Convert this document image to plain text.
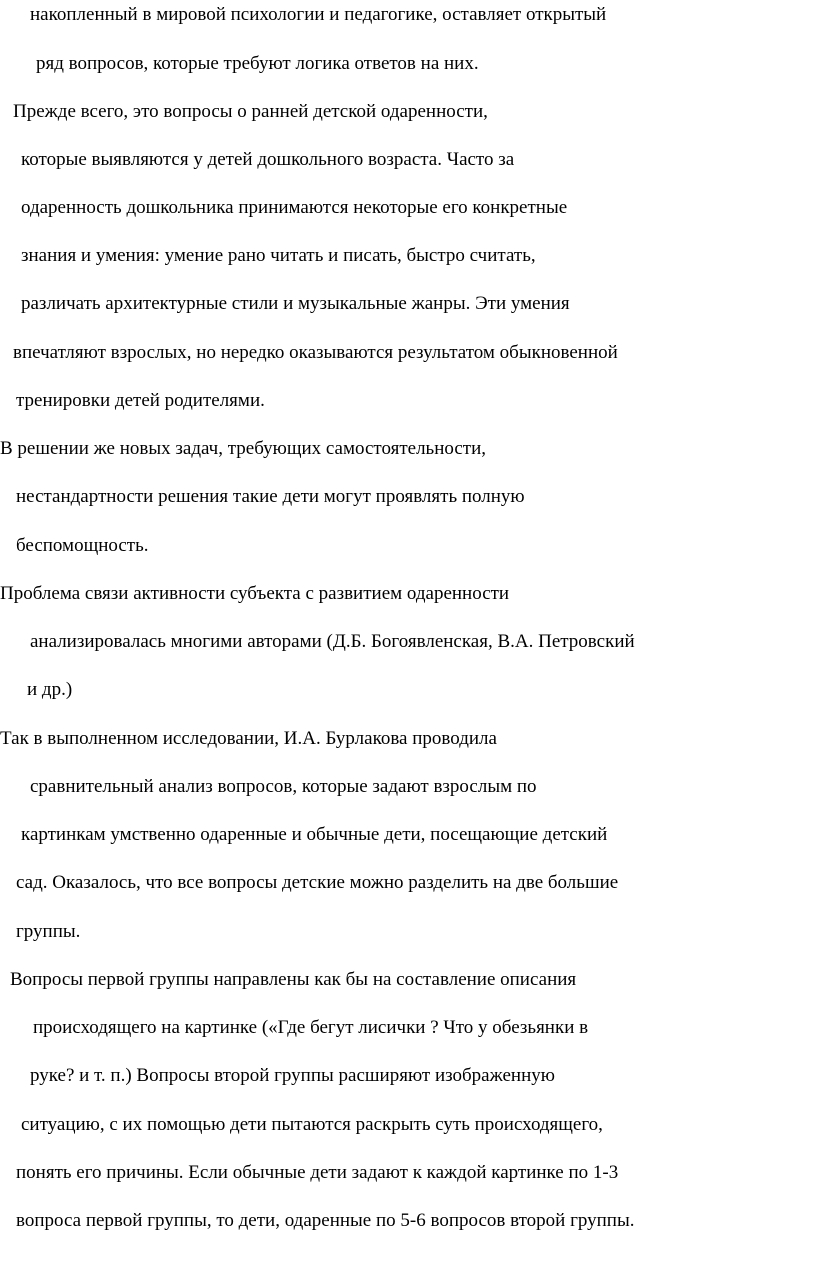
накопленный в мировой психологии и педагогике, оставляет открытый
ряд вопросов, которые требуют логика ответов на них.
Прежде всего, это вопросы о ранней детской одаренности,
которые выявляются у детей дошкольного возраста. Часто за
одаренность дошкольника принимаются некоторые его конкретные
знания и умения: умение рано читать и писать, быстро считать,
различать архитектурные стили и музыкальные жанры. Эти умения
впечатляют взрослых, но нередко оказываются результатом обыкновенной
тренировки детей родителями.
В решении же новых задач, требующих самостоятельности,
нестандартности решения такие дети могут проявлять полную
беспомощность.
Проблема связи активности субъекта с развитием одаренности
анализировалась многими авторами (Д.Б. Богоявленская, В.А. Петровский
и др.)
Так в выполненном исследовании, И.А. Бурлакова проводила
сравнительный анализ вопросов, которые задают взрослым по
картинкам умственно одаренные и обычные дети, посещающие детский
сад. Оказалось, что все вопросы детские можно разделить на две большие
группы.
Вопросы первой группы направлены как бы на составление описания
происходящего на картинке («Где бегут лисички ? Что у обезьянки в
руке? и т. п.) Вопросы второй группы расширяют изображенную
ситуацию, с их помощью дети пытаются раскрыть суть происходящего,
понять его причины. Если обычные дети задают к каждой картинке по 1-3
вопроса первой группы, то дети, одаренные по 5-6 вопросов второй группы.
